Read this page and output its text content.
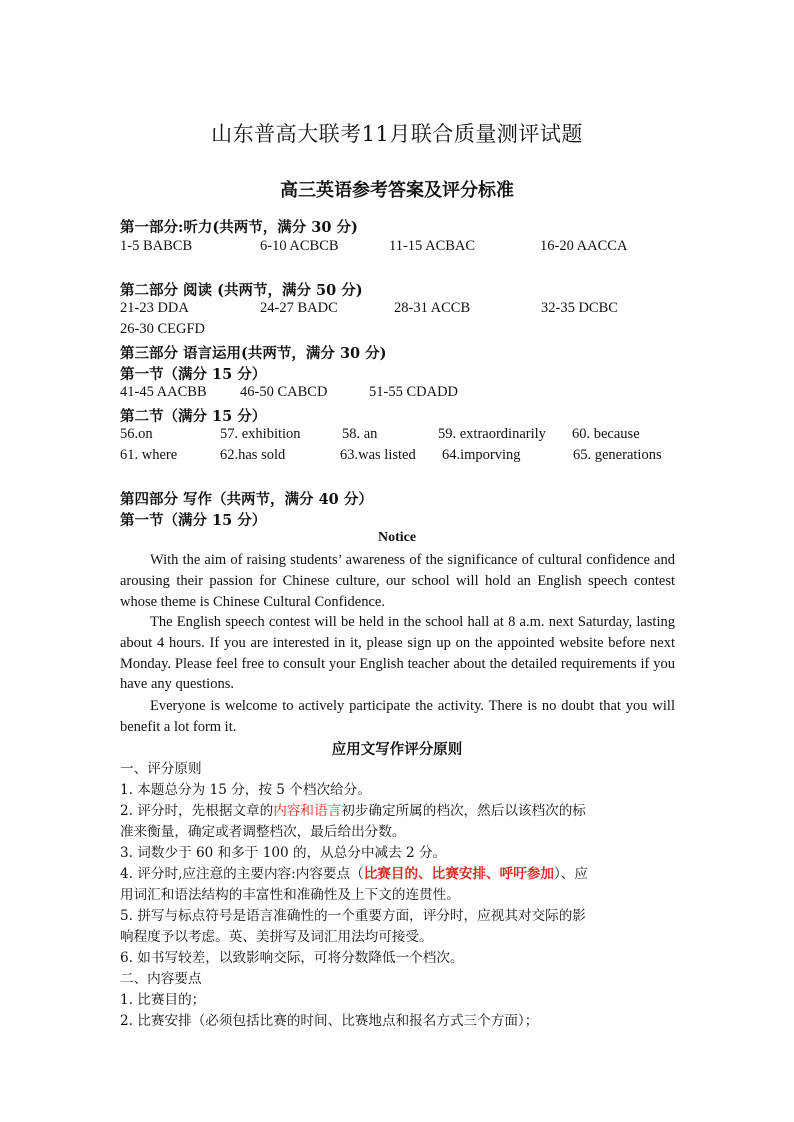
山东普高大联考11月联合质量测评试题
高三英语参考答案及评分标准
第一部分:听力(共两节，满分 30 分)
1-5 BABCB	6-10 ACBCB	11-15 ACBAC	16-20 AACCA
第二部分 阅读 (共两节，满分 50 分)
21-23 DDA	24-27 BADC	28-31 ACCB	32-35 DCBC
26-30 CEGFD
第三部分 语言运用(共两节，满分 30 分)
第一节（满分 15 分）
41-45 AACBB 46-50 CABCD	51-55 CDADD
第二节（满分 15 分）
56.on	57. exhibition	58. an	59. extraordinarily 60. because
61. where	62.has sold	63.was listed 64.imporving	65. generations
第四部分 写作（共两节，满分 40 分）
第一节（满分 15 分）
Notice
With the aim of raising students’ awareness of the significance of cultural confidence and arousing their passion for Chinese culture, our school will hold an English speech contest whose theme is Chinese Cultural Confidence.
The English speech contest will be held in the school hall at 8 a.m. next Saturday, lasting about 4 hours. If you are interested in it, please sign up on the appointed website before next Monday. Please feel free to consult your English teacher about the detailed requirements if you have any questions.
Everyone is welcome to actively participate the activity. There is no doubt that you will benefit a lot form it.
应用文写作评分原则
一、评分原则
1. 本题总分为 15 分，按 5 个档次给分。
2. 评分时，先根据文章的内容和语言初步确定所属的档次，然后以该档次的标
准来衡量，确定或者调整档次，最后给出分数。
3. 词数少于 60 和多于 100 的，从总分中减去 2 分。
4. 评分时,应注意的主要内容:内容要点（比赛目的、比赛安排、呼吁参加）、应
用词汇和语法结构的丰富性和准确性及上下文的连贯性。
5. 拼写与标点符号是语言准确性的一个重要方面，评分时，应视其对交际的影
响程度予以考虑。英、美拼写及词汇用法均可接受。
6. 如书写较差，以致影响交际，可将分数降低一个档次。
二、内容要点
1. 比赛目的；
2. 比赛安排（必须包括比赛的时间、比赛地点和报名方式三个方面）；
